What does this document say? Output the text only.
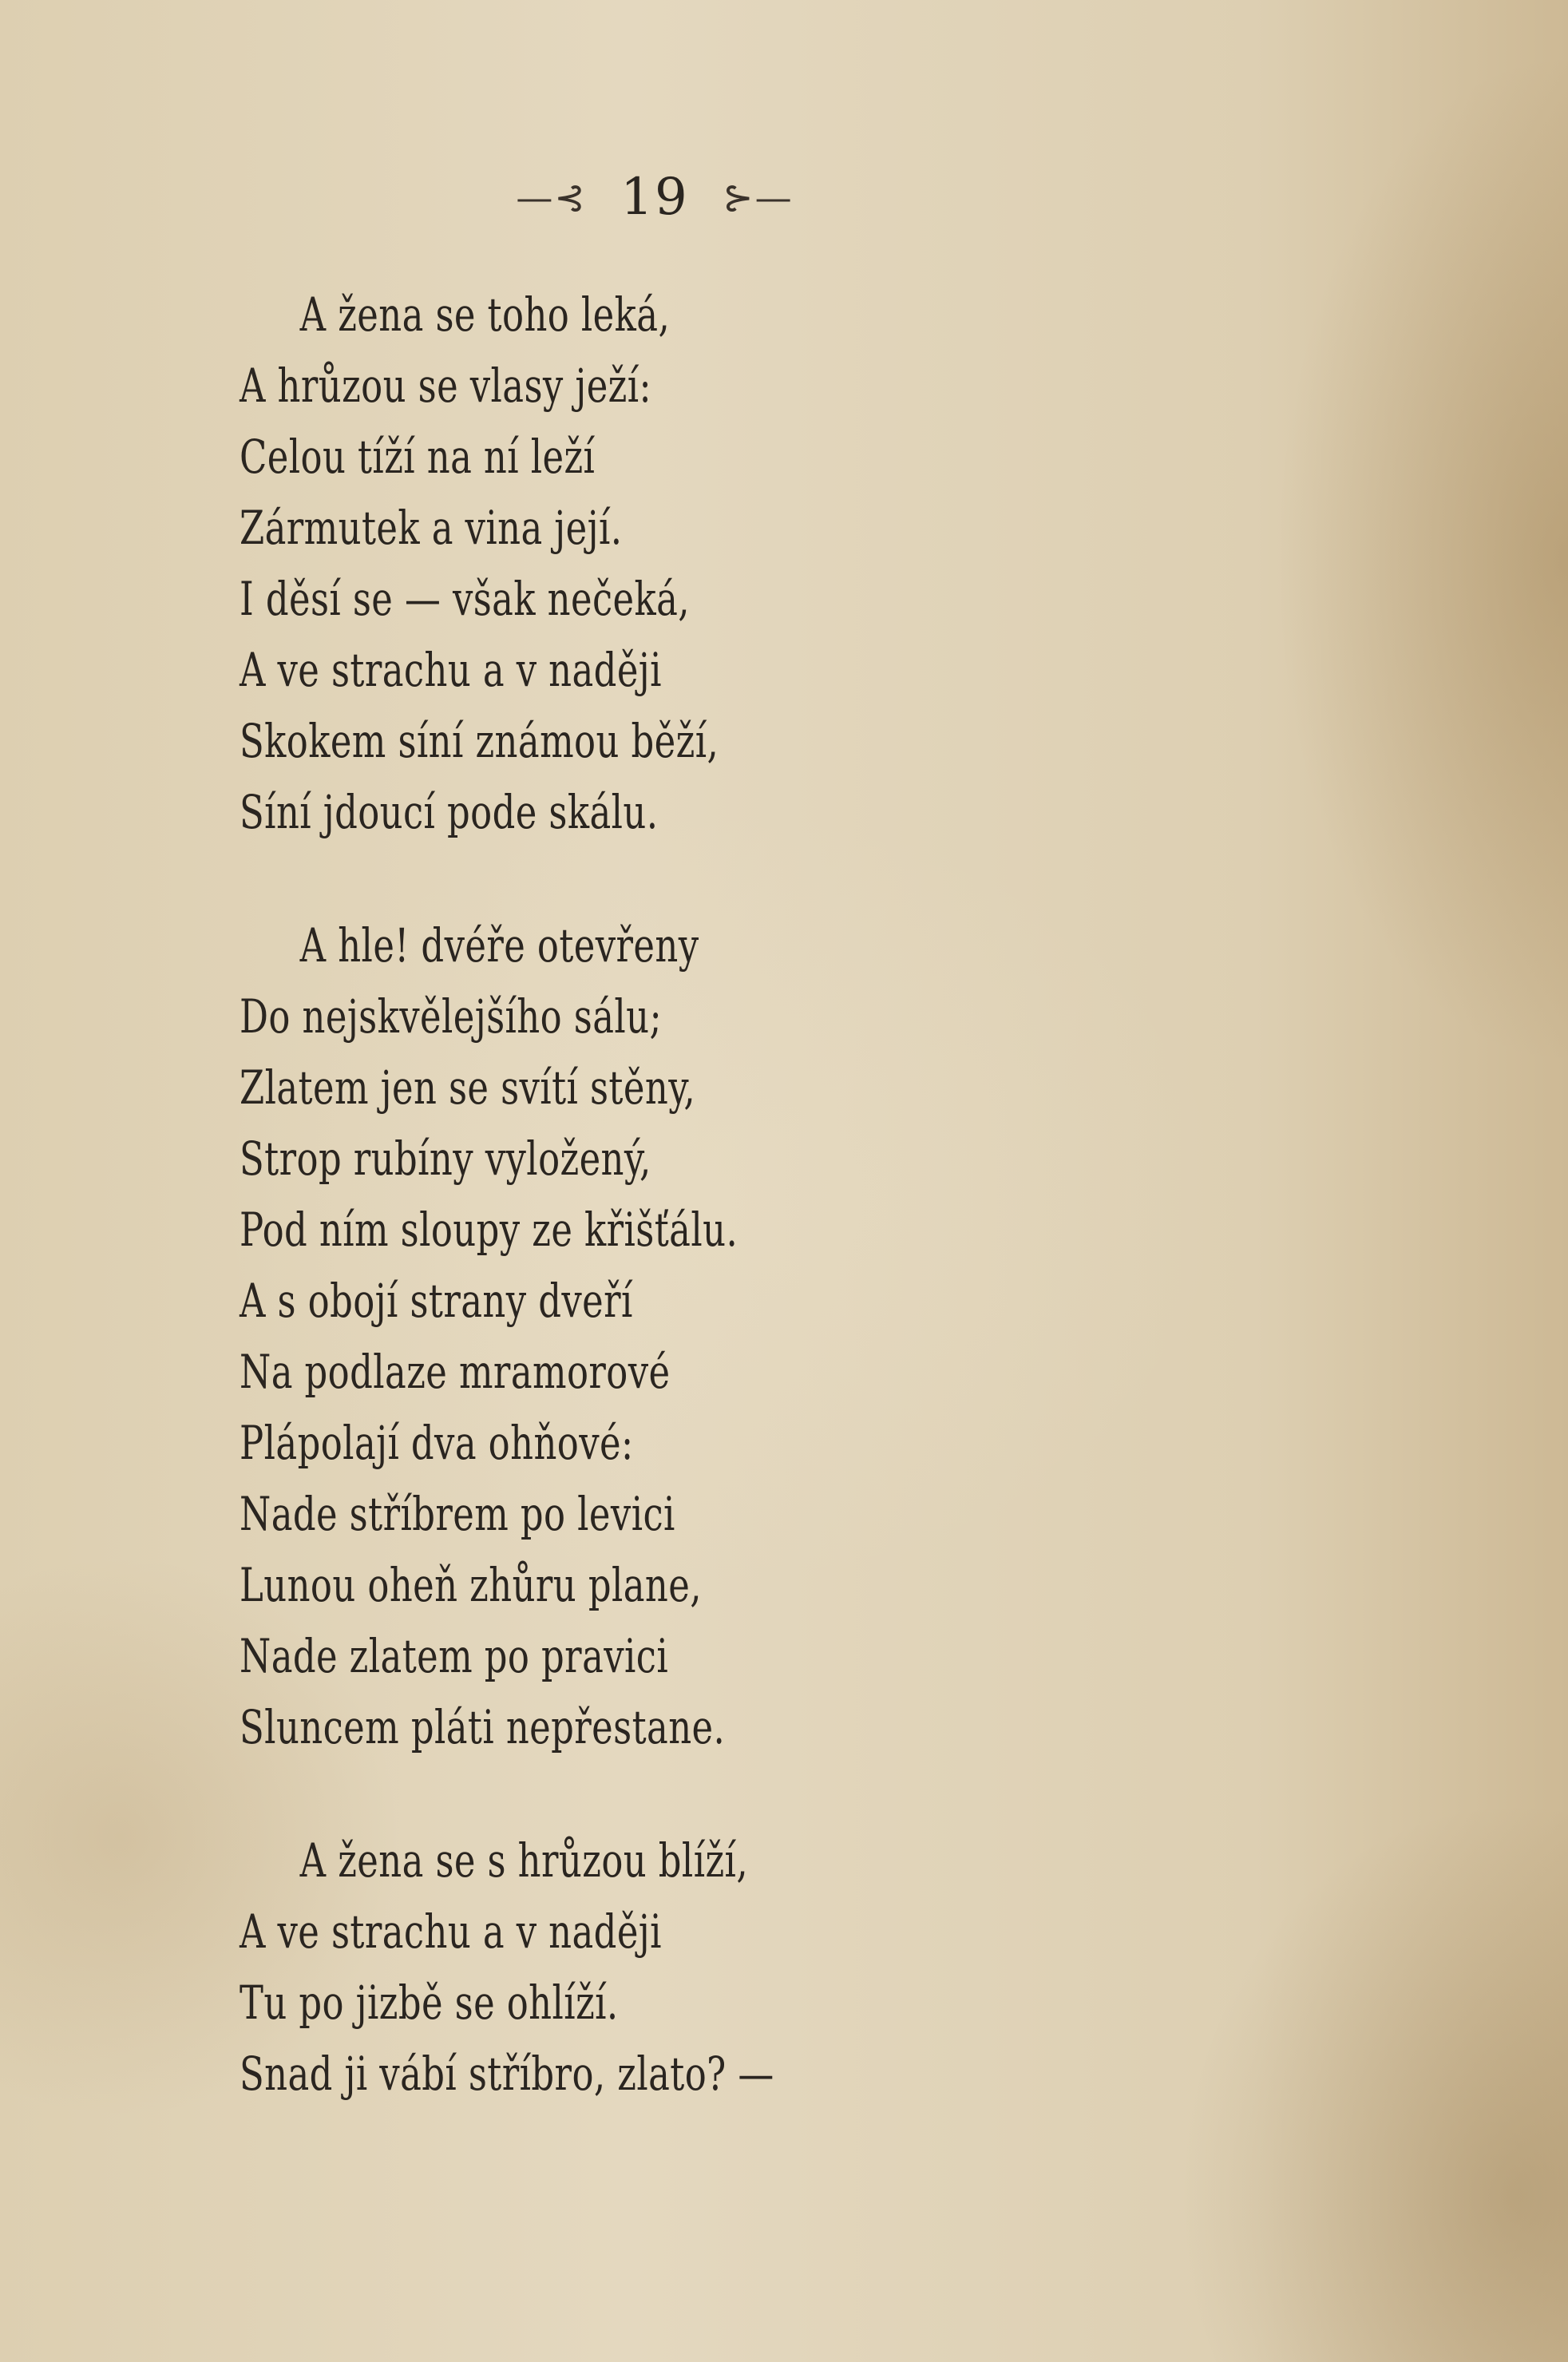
—⊰ 19 ⊱—
A žena se toho leká,
A hrůzou se vlasy ježí:
Celou tíží na ní leží
Zármutek a vina její.
I děsí se — však nečeká,
A ve strachu a v naději
Skokem síní známou běží,
Síní jdoucí pode skálu.
A hle! dvéře otevřeny
Do nejskvělejšího sálu;
Zlatem jen se svítí stěny,
Strop rubíny vyložený,
Pod ním sloupy ze křišťálu.
A s obojí strany dveří
Na podlaze mramorové
Plápolají dva ohňové:
Nade stříbrem po levici
Lunou oheň zhůru plane,
Nade zlatem po pravici
Sluncem pláti nepřestane.
A žena se s hrůzou blíží,
A ve strachu a v naději
Tu po jizbě se ohlíží.
Snad ji vábí stříbro, zlato? —
